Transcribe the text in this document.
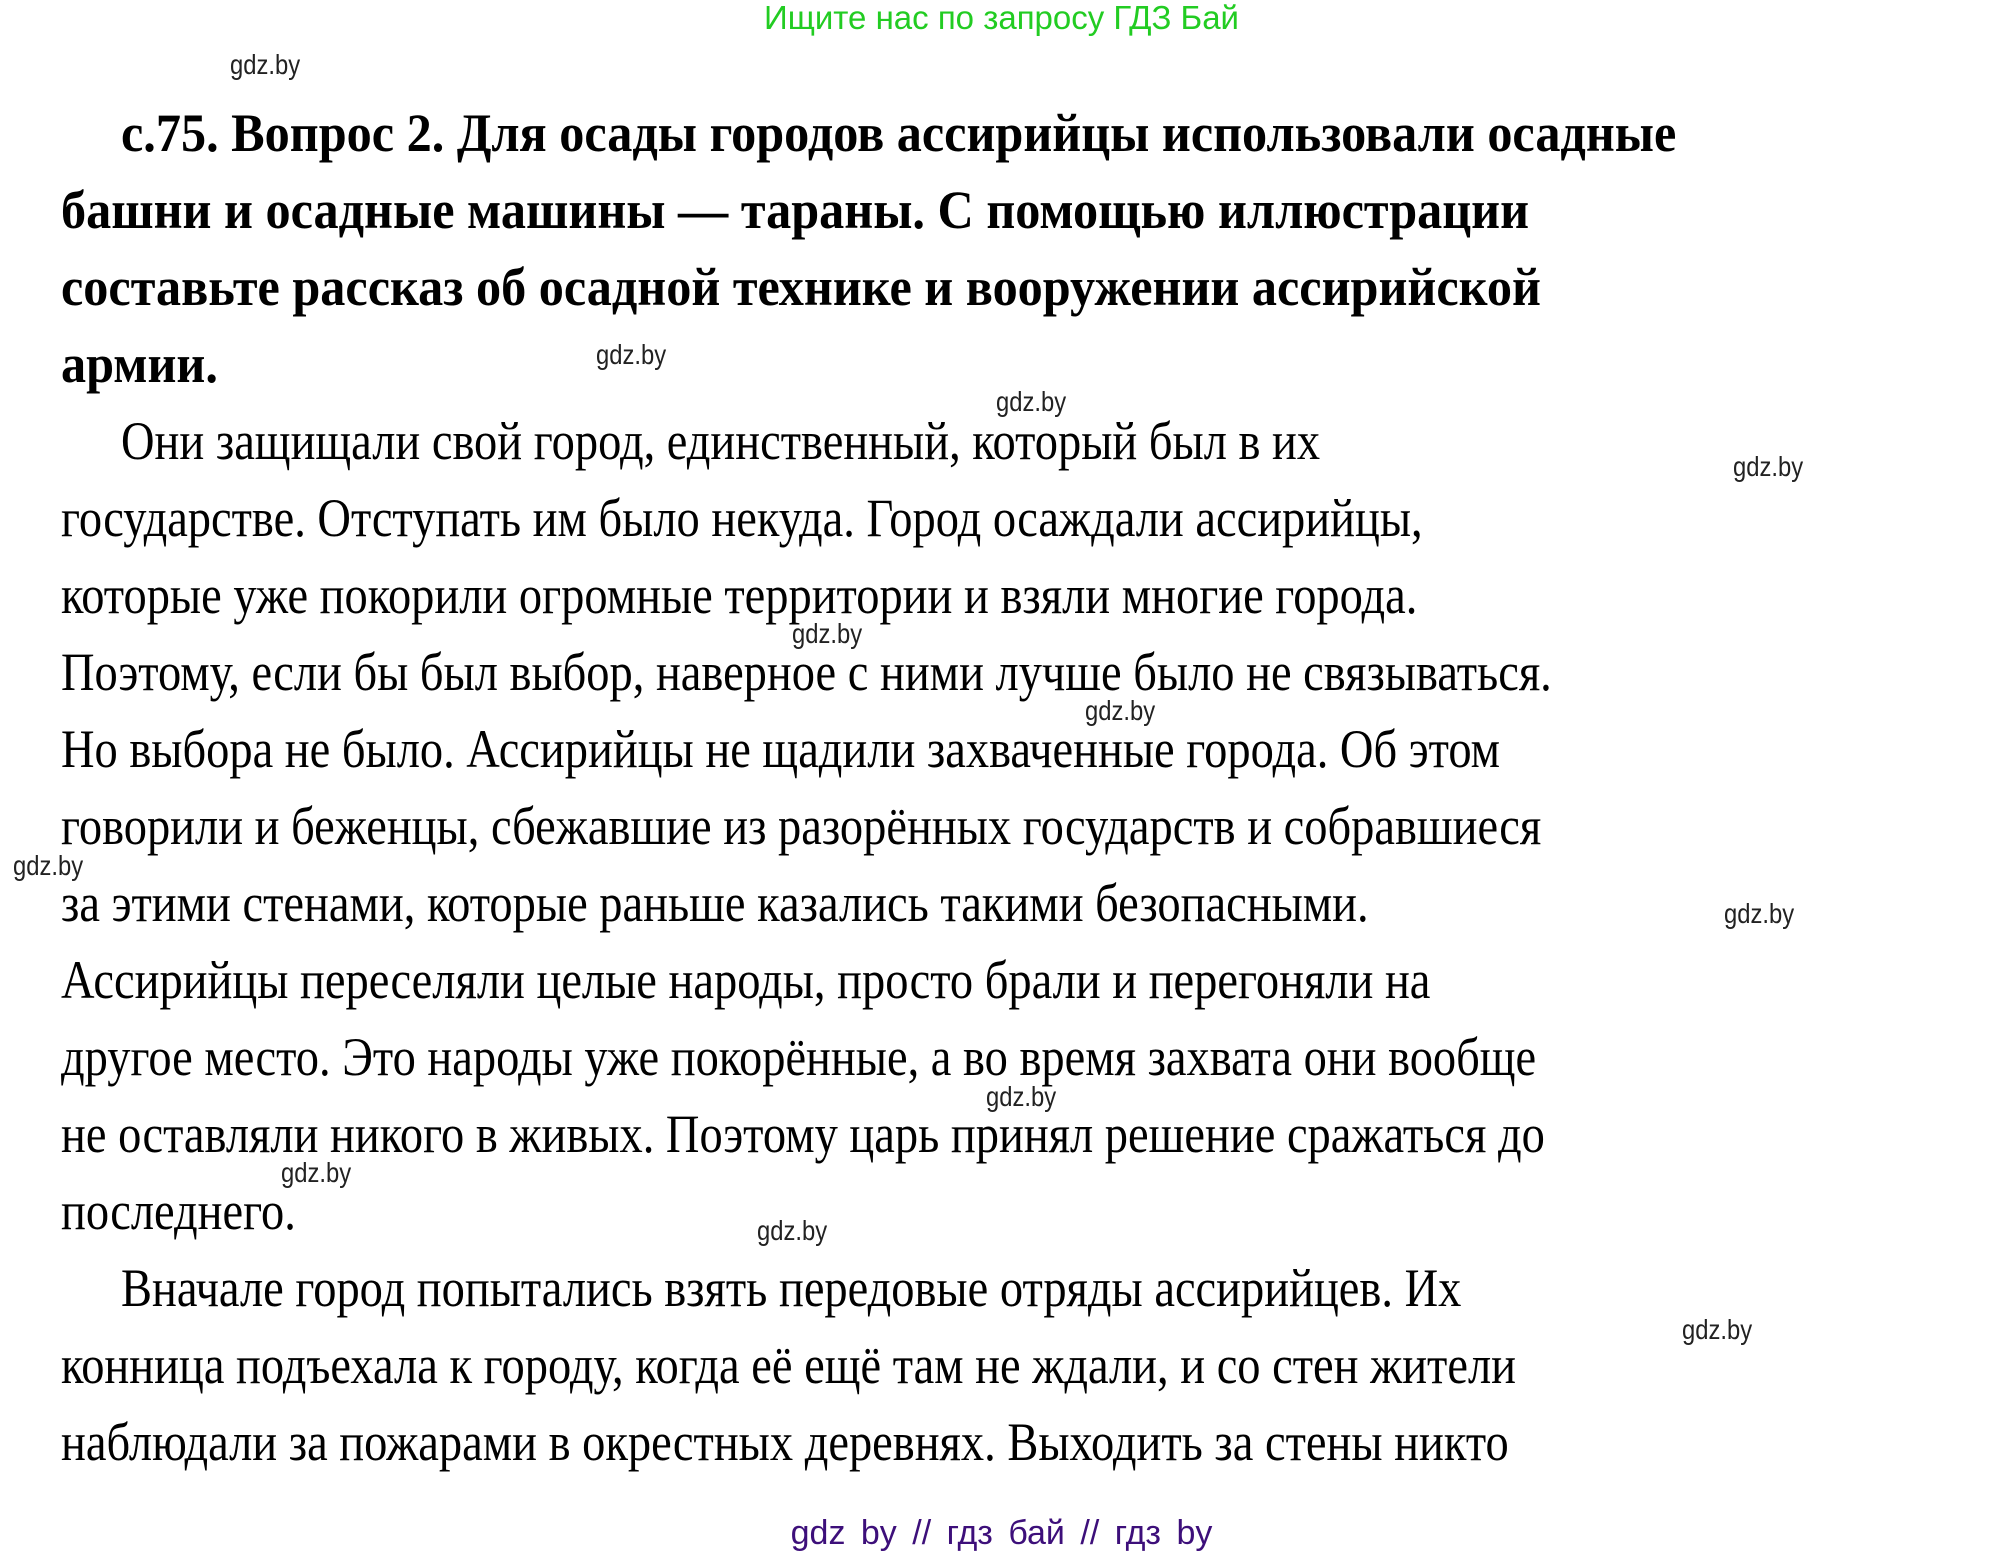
Ищите нас по запросу ГДЗ Бай
с.75. Вопрос 2. Для осады городов ассирийцы использовали осадные
башни и осадные машины — тараны. С помощью иллюстрации
составьте рассказ об осадной технике и вооружении ассирийской
армии.
Они защищали свой город, единственный, который был в их
государстве. Отступать им было некуда. Город осаждали ассирийцы,
которые уже покорили огромные территории и взяли многие города.
Поэтому, если бы был выбор, наверное с ними лучше было не связываться.
Но выбора не было. Ассирийцы не щадили захваченные города. Об этом
говорили и беженцы, сбежавшие из разорённых государств и собравшиеся
за этими стенами, которые раньше казались такими безопасными.
Ассирийцы переселяли целые народы, просто брали и перегоняли на
другое место. Это народы уже покорённые, а во время захвата они вообще
не оставляли никого в живых. Поэтому царь принял решение сражаться до
последнего.
Вначале город попытались взять передовые отряды ассирийцев. Их
конница подъехала к городу, когда её ещё там не ждали, и со стен жители
наблюдали за пожарами в окрестных деревнях. Выходить за стены никто
gdz.by
gdz.by
gdz.by
gdz.by
gdz.by
gdz.by
gdz.by
gdz.by
gdz.by
gdz.by
gdz.by
gdz.by
gdz by // гдз бай // гдз by
